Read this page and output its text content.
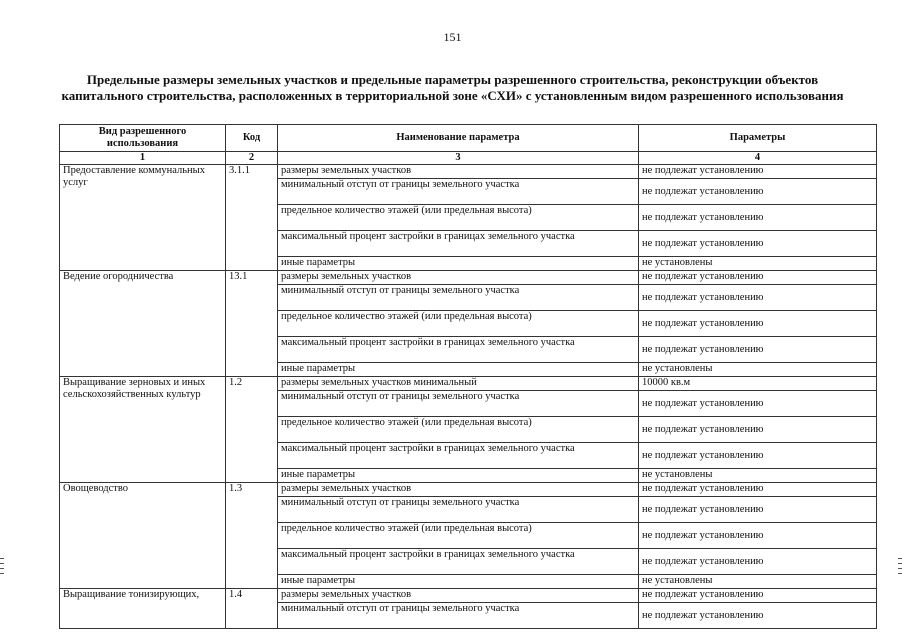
151
Предельные размеры земельных участков и предельные параметры разрешенного строительства, реконструкции объектов капитального строительства, расположенных в территориальной зоне «СХИ» с установленным видом разрешенного использования
Вид разрешенного использования	Код	Наименование параметра	Параметры
1	2	3	4
Предоставление коммунальных услуг	3.1.1	размеры земельных участков	не подлежат установлению
		минимальный отступ от границы земельного участка	не подлежат установлению
		предельное количество этажей (или предельная высота)	не подлежат установлению
		максимальный процент застройки в границах земельного участка	не подлежат установлению
		иные параметры	не установлены
Ведение огородничества	13.1	размеры земельных участков	не подлежат установлению
		минимальный отступ от границы земельного участка	не подлежат установлению
		предельное количество этажей (или предельная высота)	не подлежат установлению
		максимальный процент застройки в границах земельного участка	не подлежат установлению
		иные параметры	не установлены
Выращивание зерновых и иных сельскохозяйственных культур	1.2	размеры земельных участков минимальный	10000 кв.м
		минимальный отступ от границы земельного участка	не подлежат установлению
		предельное количество этажей (или предельная высота)	не подлежат установлению
		максимальный процент застройки в границах земельного участка	не подлежат установлению
		иные параметры	не установлены
Овощеводство	1.3	размеры земельных участков	не подлежат установлению
		минимальный отступ от границы земельного участка	не подлежат установлению
		предельное количество этажей (или предельная высота)	не подлежат установлению
		максимальный процент застройки в границах земельного участка	не подлежат установлению
		иные параметры	не установлены
Выращивание тонизирующих,	1.4	размеры земельных участков	не подлежат установлению
		минимальный отступ от границы земельного участка	не подлежат установлению
